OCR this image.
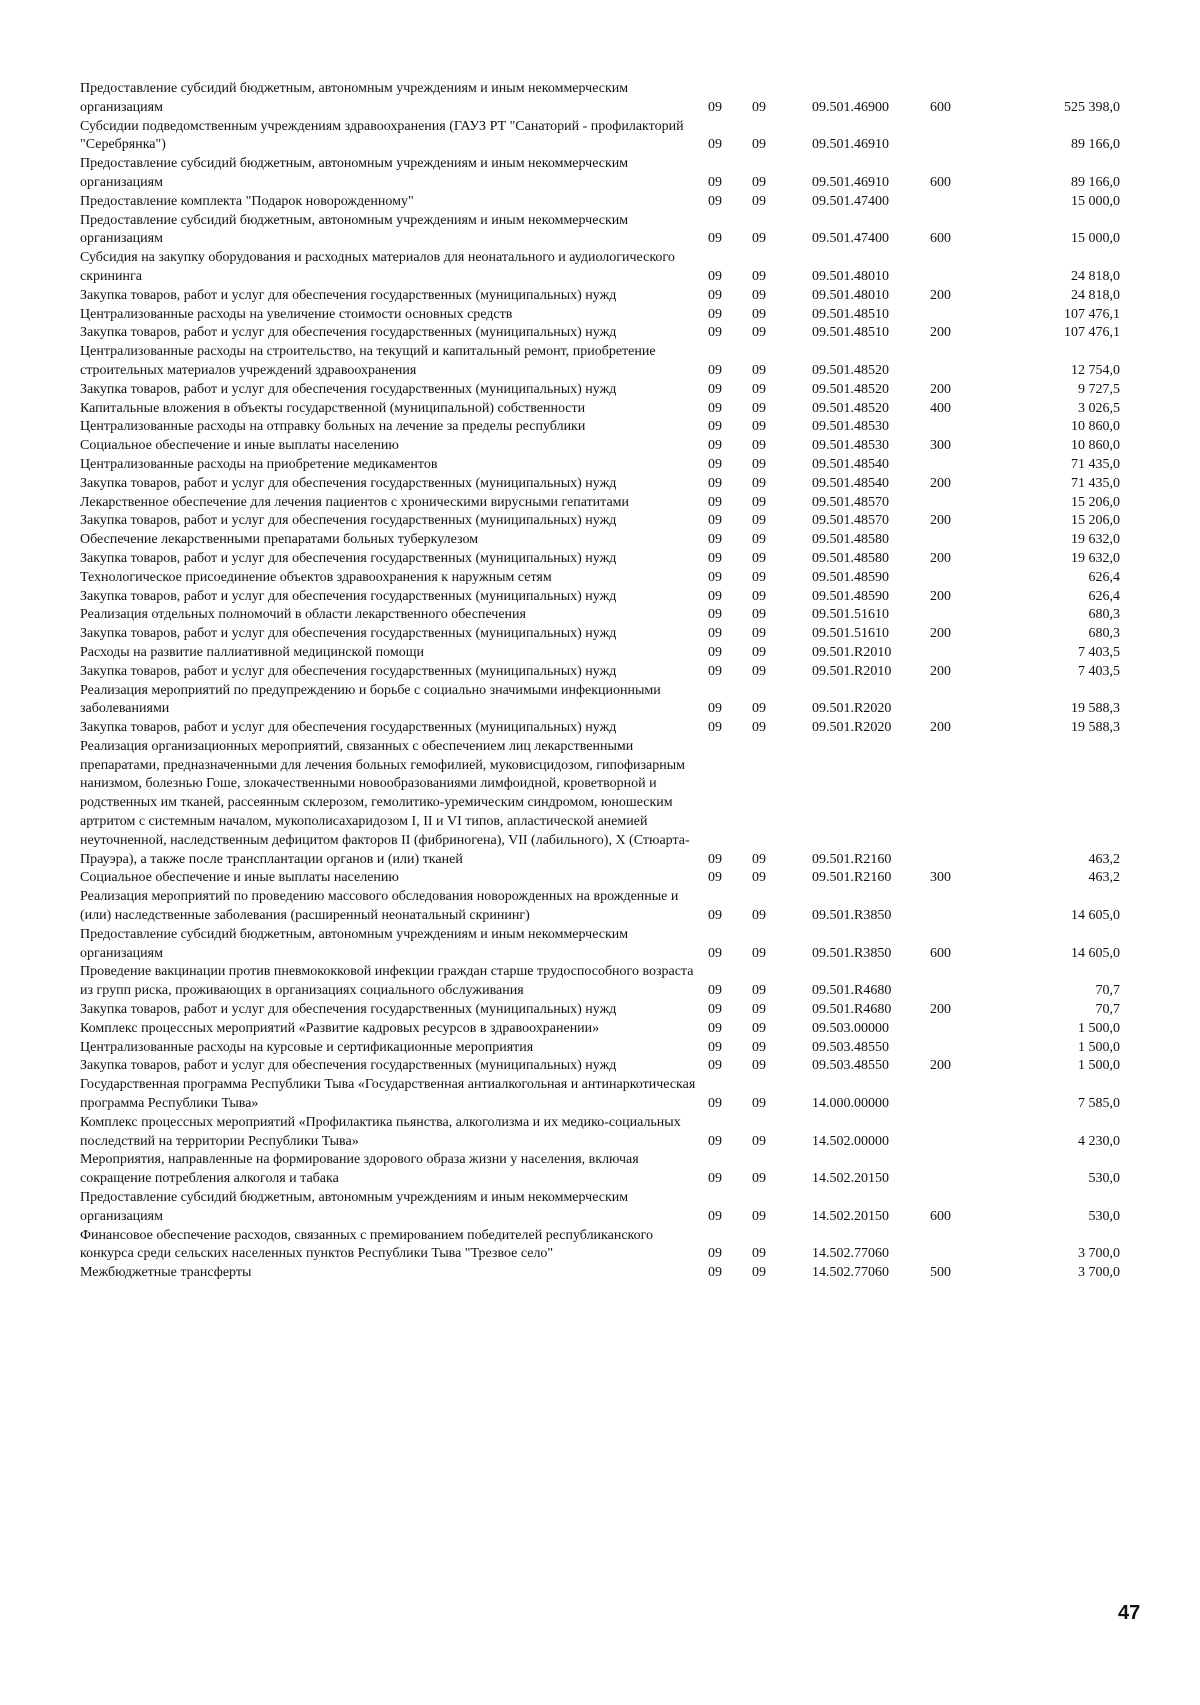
Предоставление субсидий бюджетным, автономным учреждениям и иным некоммерческим организациям	09	09	09.501.46900	600	525 398,0
Субсидии подведомственным учреждениям здравоохранения (ГАУЗ РТ "Санаторий - профилакторий "Серебрянка")	09	09	09.501.46910		89 166,0
Предоставление субсидий бюджетным, автономным учреждениям и иным некоммерческим организациям	09	09	09.501.46910	600	89 166,0
Предоставление комплекта "Подарок новорожденному"	09	09	09.501.47400		15 000,0
Предоставление субсидий бюджетным, автономным учреждениям и иным некоммерческим организациям	09	09	09.501.47400	600	15 000,0
Субсидия на закупку оборудования и расходных материалов для неонатального и аудиологического скрининга	09	09	09.501.48010		24 818,0
Закупка товаров, работ и услуг для обеспечения государственных (муниципальных) нужд	09	09	09.501.48010	200	24 818,0
Централизованные расходы на увеличение стоимости основных средств	09	09	09.501.48510		107 476,1
Закупка товаров, работ и услуг для обеспечения государственных (муниципальных) нужд	09	09	09.501.48510	200	107 476,1
Централизованные расходы на строительство, на текущий и капитальный ремонт, приобретение строительных материалов учреждений здравоохранения	09	09	09.501.48520		12 754,0
Закупка товаров, работ и услуг для обеспечения государственных (муниципальных) нужд	09	09	09.501.48520	200	9 727,5
Капитальные вложения в объекты государственной (муниципальной) собственности	09	09	09.501.48520	400	3 026,5
Централизованные расходы на отправку больных на лечение за пределы республики	09	09	09.501.48530		10 860,0
Социальное обеспечение и иные выплаты населению	09	09	09.501.48530	300	10 860,0
Централизованные расходы на приобретение медикаментов	09	09	09.501.48540		71 435,0
Закупка товаров, работ и услуг для обеспечения государственных (муниципальных) нужд	09	09	09.501.48540	200	71 435,0
Лекарственное обеспечение для лечения пациентов с хроническими вирусными гепатитами	09	09	09.501.48570		15 206,0
Закупка товаров, работ и услуг для обеспечения государственных (муниципальных) нужд	09	09	09.501.48570	200	15 206,0
Обеспечение лекарственными препаратами больных туберкулезом	09	09	09.501.48580		19 632,0
Закупка товаров, работ и услуг для обеспечения государственных (муниципальных) нужд	09	09	09.501.48580	200	19 632,0
Технологическое присоединение объектов здравоохранения к наружным сетям	09	09	09.501.48590		626,4
Закупка товаров, работ и услуг для обеспечения государственных (муниципальных) нужд	09	09	09.501.48590	200	626,4
Реализация отдельных полномочий в области лекарственного обеспечения	09	09	09.501.51610		680,3
Закупка товаров, работ и услуг для обеспечения государственных (муниципальных) нужд	09	09	09.501.51610	200	680,3
Расходы на развитие паллиативной медицинской помощи	09	09	09.501.R2010		7 403,5
Закупка товаров, работ и услуг для обеспечения государственных (муниципальных) нужд	09	09	09.501.R2010	200	7 403,5
Реализация мероприятий по предупреждению и борьбе с социально значимыми инфекционными заболеваниями	09	09	09.501.R2020		19 588,3
Закупка товаров, работ и услуг для обеспечения государственных (муниципальных) нужд	09	09	09.501.R2020	200	19 588,3
Реализация организационных мероприятий, связанных с обеспечением лиц лекарственными препаратами, предназначенными для лечения больных гемофилией, муковисцидозом, гипофизарным нанизмом, болезнью Гоше, злокачественными новообразованиями лимфоидной, кроветворной и родственных им тканей, рассеянным склерозом, гемолитико-уремическим синдромом, юношеским артритом с системным началом, мукополисахаридозом I, II и VI типов, апластической анемией неуточненной, наследственным дефицитом факторов II (фибриногена), VII (лабильного), X (Стюарта-Прауэра), а также после трансплантации органов и (или) тканей	09	09	09.501.R2160		463,2
Социальное обеспечение и иные выплаты населению	09	09	09.501.R2160	300	463,2
Реализация мероприятий по проведению массового обследования новорожденных на врожденные и (или) наследственные заболевания (расширенный неонатальный скрининг)	09	09	09.501.R3850		14 605,0
Предоставление субсидий бюджетным, автономным учреждениям и иным некоммерческим организациям	09	09	09.501.R3850	600	14 605,0
Проведение вакцинации против пневмококковой инфекции граждан старше трудоспособного возраста из групп риска, проживающих в организациях социального обслуживания	09	09	09.501.R4680		70,7
Закупка товаров, работ и услуг для обеспечения государственных (муниципальных) нужд	09	09	09.501.R4680	200	70,7
Комплекс процессных мероприятий «Развитие кадровых ресурсов в здравоохранении»	09	09	09.503.00000		1 500,0
Централизованные расходы на курсовые и сертификационные мероприятия	09	09	09.503.48550		1 500,0
Закупка товаров, работ и услуг для обеспечения государственных (муниципальных) нужд	09	09	09.503.48550	200	1 500,0
Государственная программа Республики Тыва «Государственная антиалкогольная и антинаркотическая программа Республики Тыва»	09	09	14.000.00000		7 585,0
Комплекс процессных мероприятий «Профилактика пьянства, алкоголизма и их медико-социальных последствий на территории Республики Тыва»	09	09	14.502.00000		4 230,0
Мероприятия, направленные на формирование здорового образа жизни у населения, включая сокращение потребления алкоголя и табака	09	09	14.502.20150		530,0
Предоставление субсидий бюджетным, автономным учреждениям и иным некоммерческим организациям	09	09	14.502.20150	600	530,0
Финансовое обеспечение расходов, связанных с премированием победителей республиканского конкурса среди сельских населенных пунктов Республики Тыва "Трезвое село"	09	09	14.502.77060		3 700,0
Межбюджетные трансферты	09	09	14.502.77060	500	3 700,0
47
